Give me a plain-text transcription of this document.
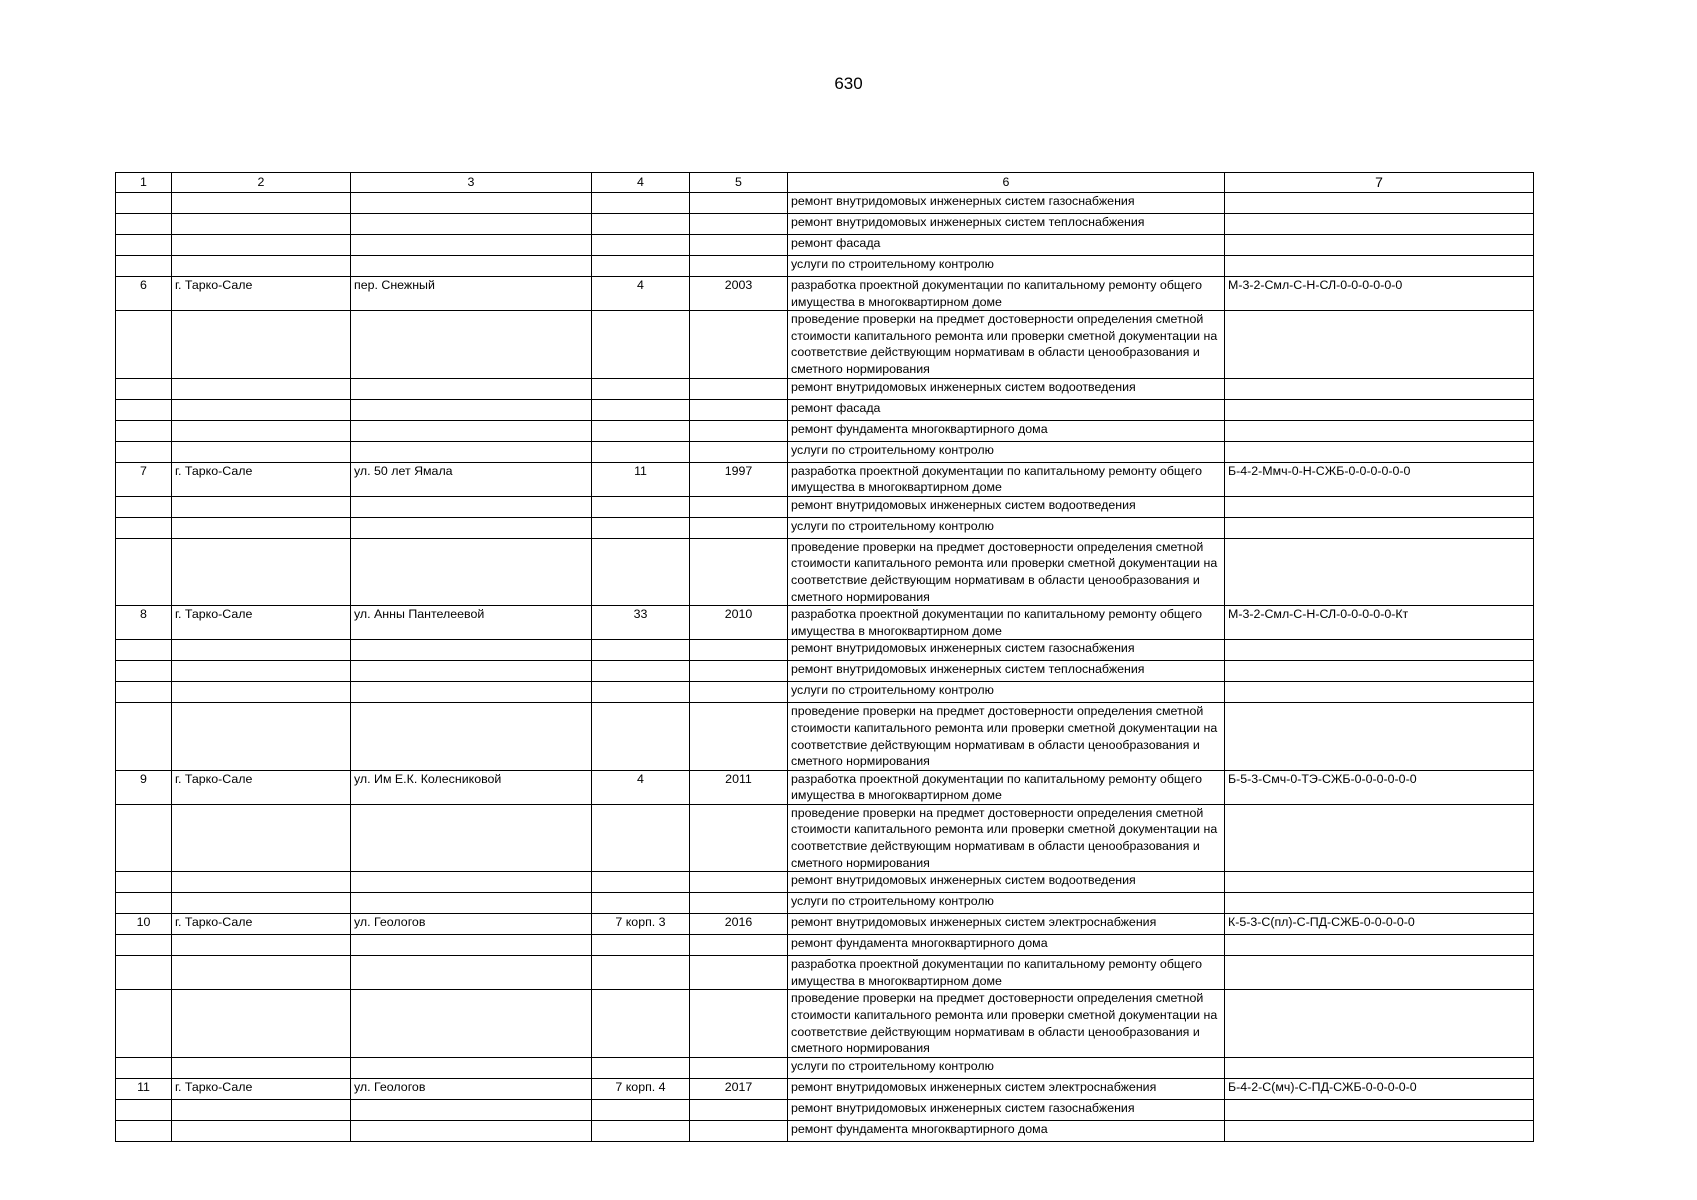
630
1	2	3	4	5	6	7
					ремонт внутридомовых инженерных систем газоснабжения	
					ремонт внутридомовых инженерных систем теплоснабжения	
					ремонт фасада	
					услуги по строительному контролю	
6	г. Тарко-Сале	пер. Снежный	4	2003	разработка проектной документации по капитальному ремонту общего имущества в многоквартирном доме	М-3-2-Смл-С-Н-СЛ-0-0-0-0-0-0
					проведение проверки на предмет достоверности определения сметной стоимости капитального ремонта или проверки сметной документации на соответствие действующим нормативам в области ценообразования и сметного нормирования	
					ремонт внутридомовых инженерных систем водоотведения	
					ремонт фасада	
					ремонт фундамента многоквартирного дома	
					услуги по строительному контролю	
7	г. Тарко-Сале	ул. 50 лет Ямала	11	1997	разработка проектной документации по капитальному ремонту общего имущества в многоквартирном доме	Б-4-2-Ммч-0-Н-СЖБ-0-0-0-0-0-0
					ремонт внутридомовых инженерных систем водоотведения	
					услуги по строительному контролю	
					проведение проверки на предмет достоверности определения сметной стоимости капитального ремонта или проверки сметной документации на соответствие действующим нормативам в области ценообразования и сметного нормирования	
8	г. Тарко-Сале	ул. Анны Пантелеевой	33	2010	разработка проектной документации по капитальному ремонту общего имущества в многоквартирном доме	М-3-2-Смл-С-Н-СЛ-0-0-0-0-0-Кт
					ремонт внутридомовых инженерных систем газоснабжения	
					ремонт внутридомовых инженерных систем теплоснабжения	
					услуги по строительному контролю	
					проведение проверки на предмет достоверности определения сметной стоимости капитального ремонта или проверки сметной документации на соответствие действующим нормативам в области ценообразования и сметного нормирования	
9	г. Тарко-Сале	ул. Им Е.К. Колесниковой	4	2011	разработка проектной документации по капитальному ремонту общего имущества в многоквартирном доме	Б-5-3-Смч-0-ТЭ-СЖБ-0-0-0-0-0-0
					проведение проверки на предмет достоверности определения сметной стоимости капитального ремонта или проверки сметной документации на соответствие действующим нормативам в области ценообразования и сметного нормирования	
					ремонт внутридомовых инженерных систем водоотведения	
					услуги по строительному контролю	
10	г. Тарко-Сале	ул. Геологов	7 корп. 3	2016	ремонт внутридомовых инженерных систем электроснабжения	К-5-3-С(пл)-С-ПД-СЖБ-0-0-0-0-0
					ремонт фундамента многоквартирного дома	
					разработка проектной документации по капитальному ремонту общего имущества в многоквартирном доме	
					проведение проверки на предмет достоверности определения сметной стоимости капитального ремонта или проверки сметной документации на соответствие действующим нормативам в области ценообразования и сметного нормирования	
					услуги по строительному контролю	
11	г. Тарко-Сале	ул. Геологов	7 корп. 4	2017	ремонт внутридомовых инженерных систем электроснабжения	Б-4-2-С(мч)-С-ПД-СЖБ-0-0-0-0-0
					ремонт внутридомовых инженерных систем газоснабжения	
					ремонт фундамента многоквартирного дома	
